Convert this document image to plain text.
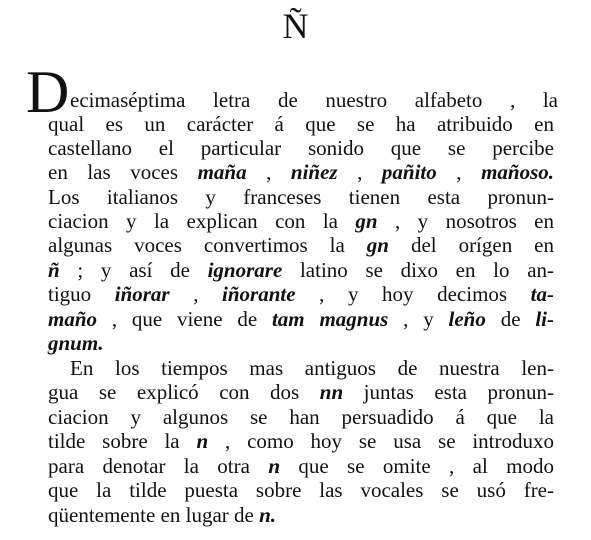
Ñ
D ecimaséptima letra de nuestro alfabeto , la
qual es un carácter á que se ha atribuido en
castellano el particular sonido que se percibe
en las voces maña , niñez , pañito , mañoso.
Los italianos y franceses tienen esta pronun-
ciacion y la explican con la gn , y nosotros en
algunas voces convertimos la gn del orígen en
ñ ; y así de ignorare latino se dixo en lo an-
tiguo iñorar , iñorante , y hoy decimos ta-
maño , que viene de tam magnus , y leño de li-
gnum.
En los tiempos mas antiguos de nuestra len-
gua se explicó con dos nn juntas esta pronun-
ciacion y algunos se han persuadido á que la
tilde sobre la n , como hoy se usa se introduxo
para denotar la otra n que se omite , al modo
que la tilde puesta sobre las vocales se usó fre-
qüentemente en lugar de n.
